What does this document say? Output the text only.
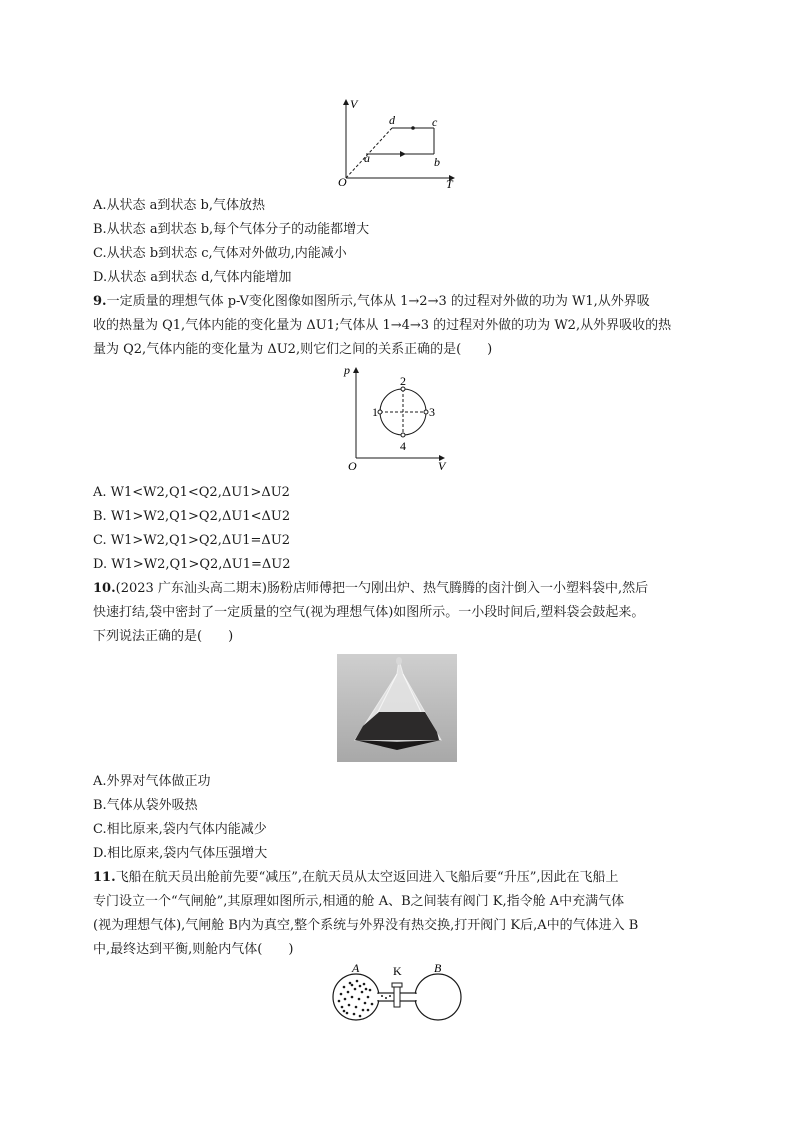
V
T
O
a	b
c
d
A.从状态 a到状态 b,气体放热
B.从状态 a到状态 b,每个气体分子的动能都增大
C.从状态 b到状态 c,气体对外做功,内能减小
D.从状态 a到状态 d,气体内能增加
9.一定质量的理想气体 p-V变化图像如图所示,气体从 1→2→3 的过程对外做的功为 W1,从外界吸
收的热量为 Q1,气体内能的变化量为 ΔU1;气体从 1→4→3 的过程对外做的功为 W2,从外界吸收的热
量为 Q2,气体内能的变化量为 ΔU2,则它们之间的关系正确的是(　　)
p
V
O
1
2
3
4
A. W1<W2,Q1<Q2,ΔU1>ΔU2
B. W1>W2,Q1>Q2,ΔU1<ΔU2
C. W1>W2,Q1>Q2,ΔU1=ΔU2
D. W1>W2,Q1>Q2,ΔU1=ΔU2
10.(2023 广东汕头高二期末)肠粉店师傅把一勺刚出炉、热气腾腾的卤汁倒入一小塑料袋中,然后
快速打结,袋中密封了一定质量的空气(视为理想气体)如图所示。一小段时间后,塑料袋会鼓起来。
下列说法正确的是(　　)
A.外界对气体做正功
B.气体从袋外吸热
C.相比原来,袋内气体内能减少
D.相比原来,袋内气体压强增大
11.飞船在航天员出舱前先要“减压”,在航天员从太空返回进入飞船后要“升压”,因此在飞船上
专门设立一个“气闸舱”,其原理如图所示,相通的舱 A、B之间装有阀门 K,指令舱 A中充满气体
(视为理想气体),气闸舱 B内为真空,整个系统与外界没有热交换,打开阀门 K后,A中的气体进入 B
中,最终达到平衡,则舱内气体(　　)
A	K	B
